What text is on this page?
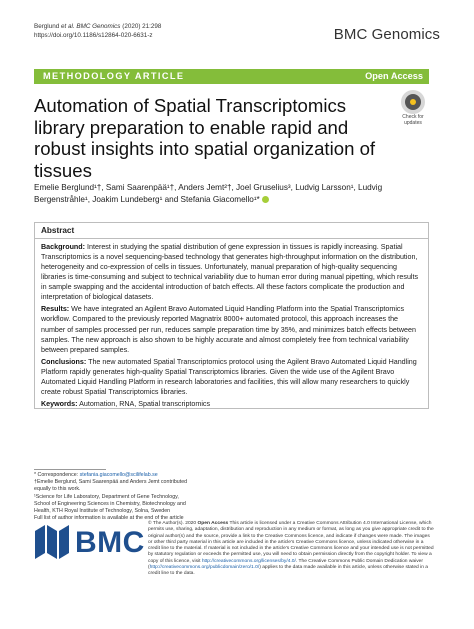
Berglund et al. BMC Genomics (2020) 21:298
https://doi.org/10.1186/s12864-020-6631-z	BMC Genomics
METHODOLOGY ARTICLE	Open Access
Automation of Spatial Transcriptomics library preparation to enable rapid and robust insights into spatial organization of tissues
Check for
updates
Emelie Berglund¹†, Sami Saarenpää¹†, Anders Jemt²†, Joel Gruselius³, Ludvig Larsson¹, Ludvig Bergenstråhle¹, Joakim Lundeberg¹ and Stefania Giacomello¹*
Abstract

Background: Interest in studying the spatial distribution of gene expression in tissues is rapidly increasing. Spatial Transcriptomics is a novel sequencing-based technology that generates high-throughput information on the distribution, heterogeneity and co-expression of cells in tissues. Unfortunately, manual preparation of high-quality sequencing libraries is time-consuming and subject to technical variability due to human error during manual pipetting, which results in sample swapping and the accidental introduction of batch effects. All these factors complicate the production and interpretation of biological datasets.

Results: We have integrated an Agilent Bravo Automated Liquid Handling Platform into the Spatial Transcriptomics workflow. Compared to the previously reported Magnatrix 8000+ automated protocol, this approach increases the number of samples processed per run, reduces sample preparation time by 35%, and minimizes batch effects between samples. The new approach is also shown to be highly accurate and almost completely free from technical variability between prepared samples.

Conclusions: The new automated Spatial Transcriptomics protocol using the Agilent Bravo Automated Liquid Handling Platform rapidly generates high-quality Spatial Transcriptomics libraries. Given the wide use of the Agilent Bravo Automated Liquid Handling Platform in research laboratories and facilities, this will allow many researchers to quickly create robust Spatial Transcriptomics libraries.

Keywords: Automation, RNA, Spatial transcriptomics

* Correspondence: stefania.giacomello@scilifelab.se
†Emelie Berglund, Sami Saarenpää and Anders Jemt contributed equally to this work.
¹Science for Life Laboratory, Department of Gene Technology, School of Engineering Sciences in Chemistry, Biotechnology and Health, KTH Royal Institute of Technology, Solna, Sweden
Full list of author information is available at the end of the article
BMC
© The Author(s). 2020 Open Access This article is licensed under a Creative Commons Attribution 4.0 International License, which permits use, sharing, adaptation, distribution and reproduction in any medium or format, as long as you give appropriate credit to the original author(s) and the source, provide a link to the Creative Commons licence, and indicate if changes were made. The images or other third party material in this article are included in the article's Creative Commons licence, unless indicated otherwise in a credit line to the material. If material is not included in the article's Creative Commons licence and your intended use is not permitted by statutory regulation or exceeds the permitted use, you will need to obtain permission directly from the copyright holder. To view a copy of this licence, visit http://creativecommons.org/licenses/by/4.0/. The Creative Commons Public Domain Dedication waiver (http://creativecommons.org/publicdomain/zero/1.0/) applies to the data made available in this article, unless otherwise stated in a credit line to the data.
